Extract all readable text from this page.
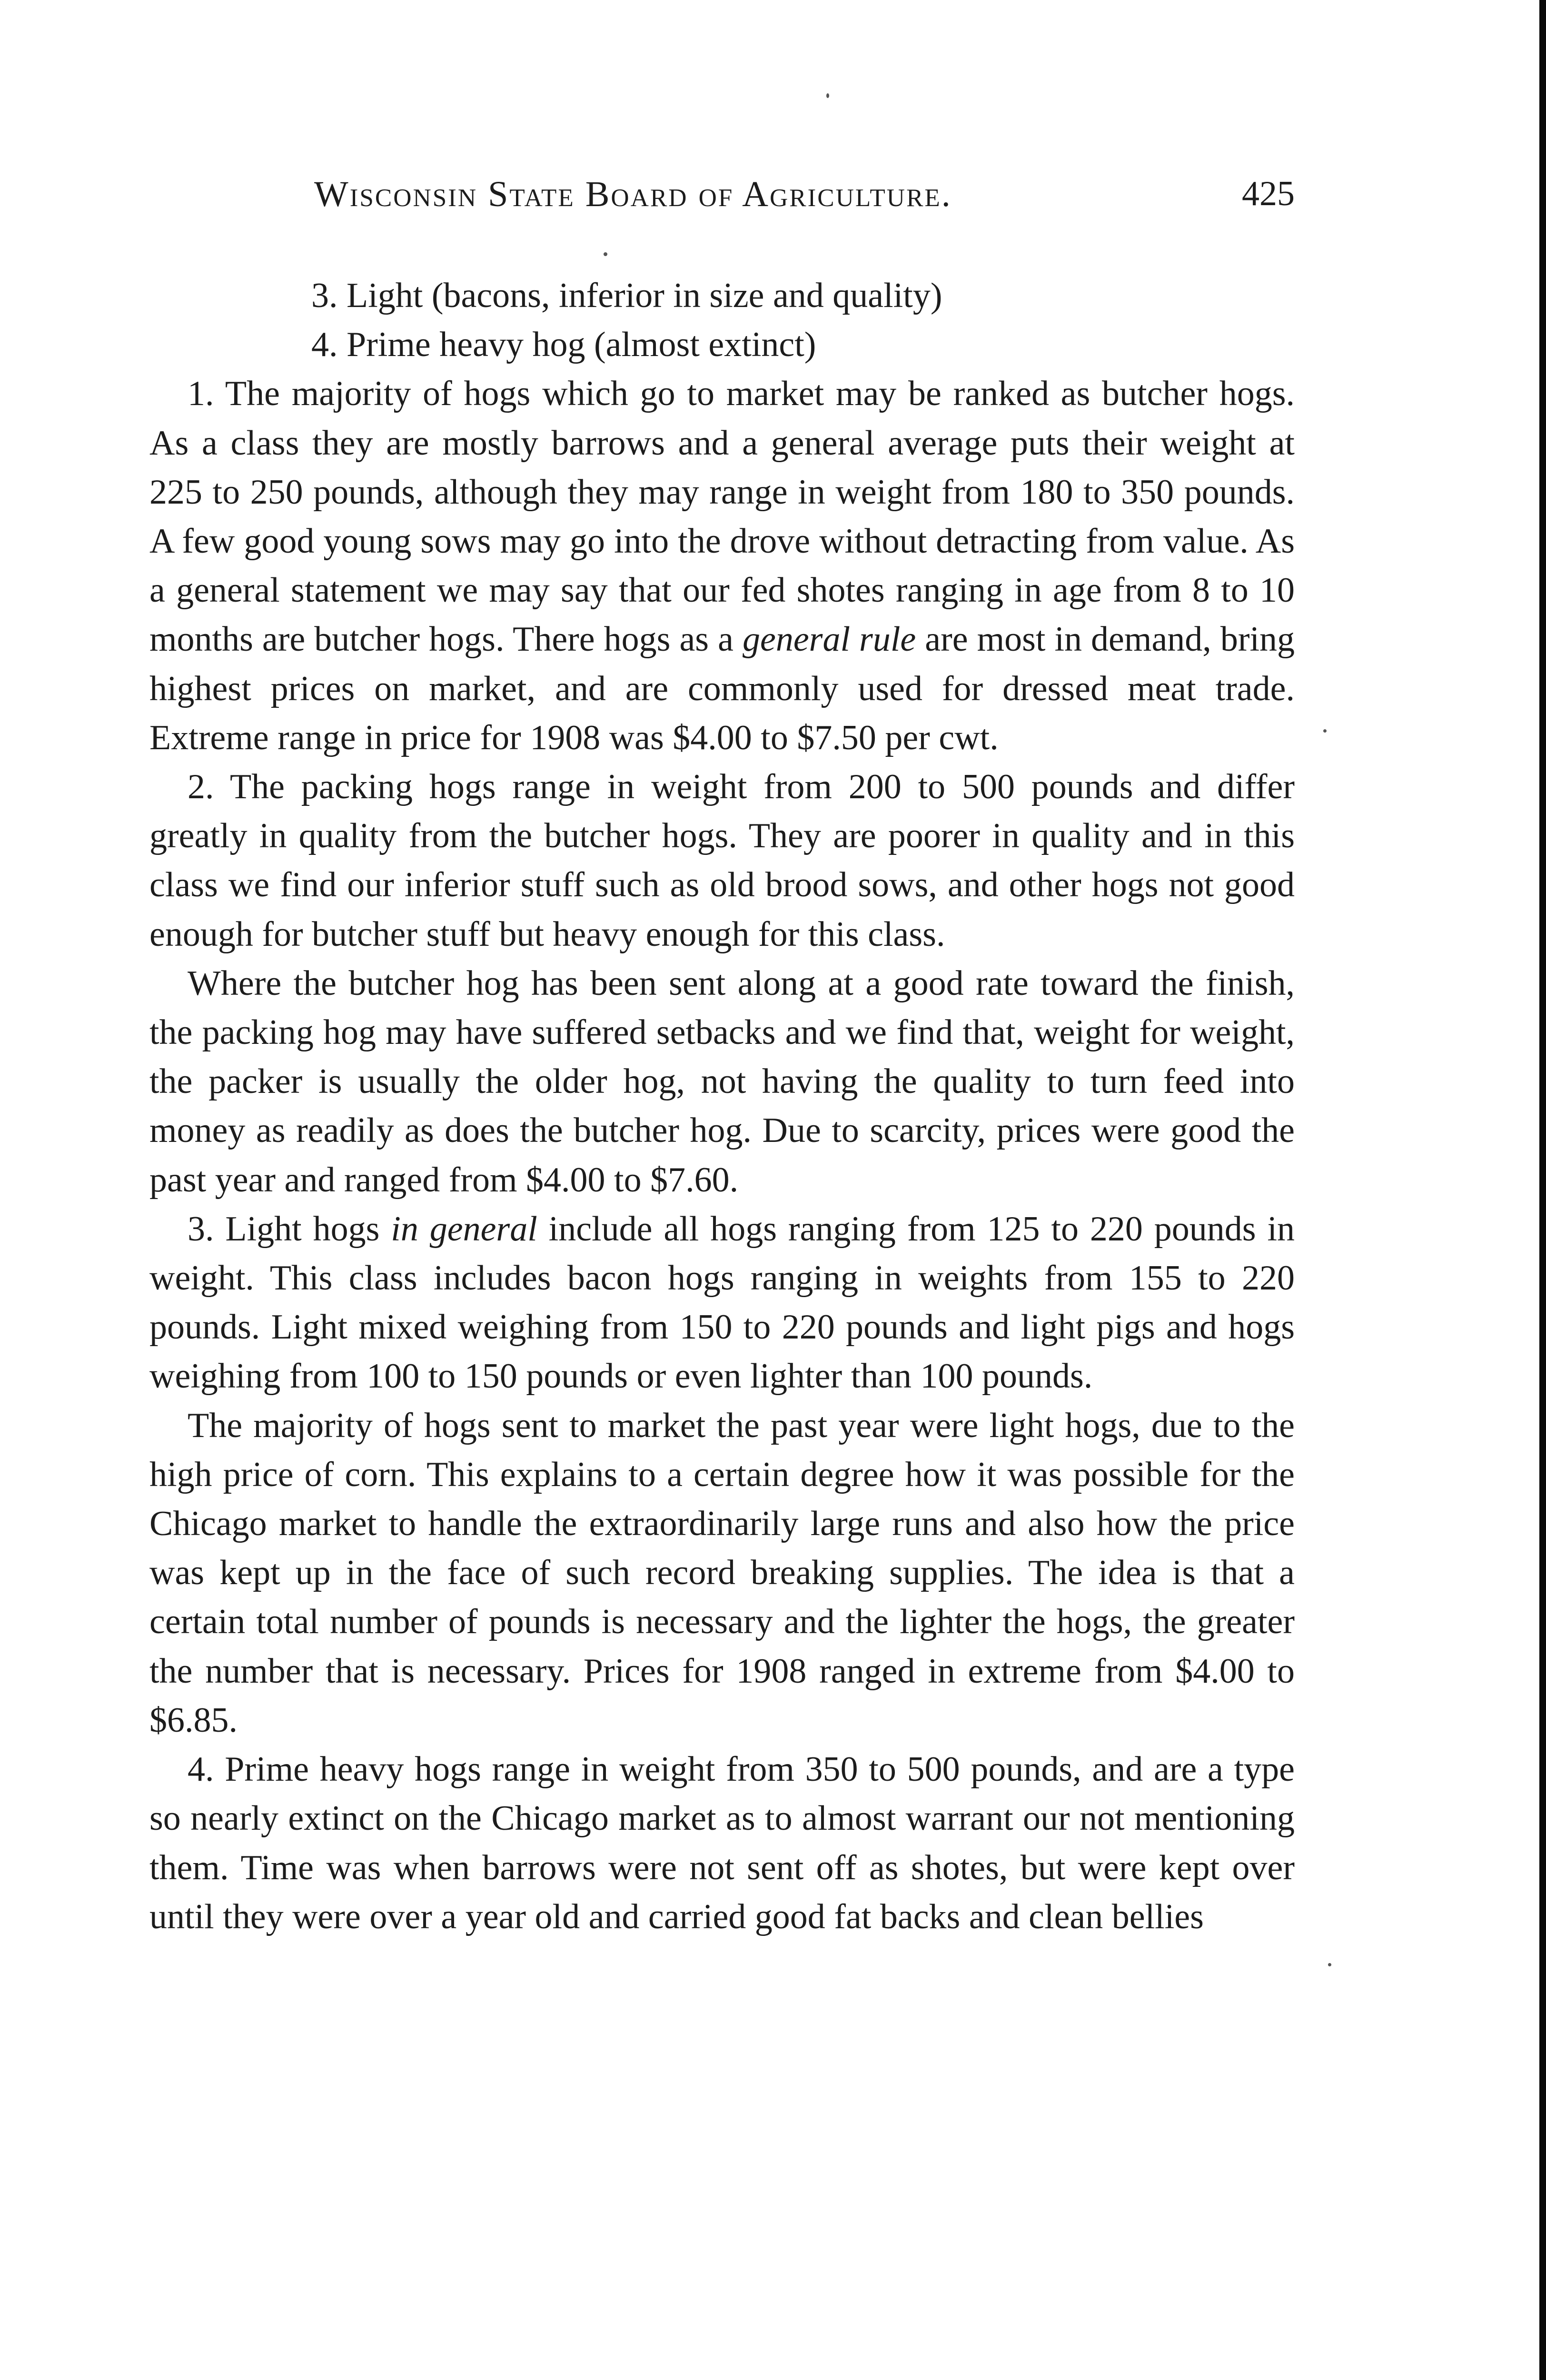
Wisconsin State Board of Agriculture.	425

3. Light (bacons, inferior in size and quality)

4. Prime heavy hog (almost extinct)

1. The majority of hogs which go to market may be ranked as butcher hogs. As a class they are mostly barrows and a general average puts their weight at 225 to 250 pounds, although they may range in weight from 180 to 350 pounds. A few good young sows may go into the drove without detracting from value. As a general statement we may say that our fed shotes ranging in age from 8 to 10 months are butcher hogs. There hogs as a general rule are most in demand, bring highest prices on market, and are commonly used for dressed meat trade. Extreme range in price for 1908 was $4.00 to $7.50 per cwt.

2. The packing hogs range in weight from 200 to 500 pounds and differ greatly in quality from the butcher hogs. They are poorer in quality and in this class we find our inferior stuff such as old brood sows, and other hogs not good enough for butcher stuff but heavy enough for this class.

Where the butcher hog has been sent along at a good rate toward the finish, the packing hog may have suffered setbacks and we find that, weight for weight, the packer is usually the older hog, not having the quality to turn feed into money as readily as does the butcher hog. Due to scarcity, prices were good the past year and ranged from $4.00 to $7.60.

3. Light hogs in general include all hogs ranging from 125 to 220 pounds in weight. This class includes bacon hogs ranging in weights from 155 to 220 pounds. Light mixed weighing from 150 to 220 pounds and light pigs and hogs weighing from 100 to 150 pounds or even lighter than 100 pounds.

The majority of hogs sent to market the past year were light hogs, due to the high price of corn. This explains to a certain degree how it was possible for the Chicago market to handle the extraordinarily large runs and also how the price was kept up in the face of such record breaking supplies. The idea is that a certain total number of pounds is necessary and the lighter the hogs, the greater the number that is necessary. Prices for 1908 ranged in extreme from $4.00 to $6.85.

4. Prime heavy hogs range in weight from 350 to 500 pounds, and are a type so nearly extinct on the Chicago market as to almost warrant our not mentioning them. Time was when barrows were not sent off as shotes, but were kept over until they were over a year old and carried good fat backs and clean bellies
